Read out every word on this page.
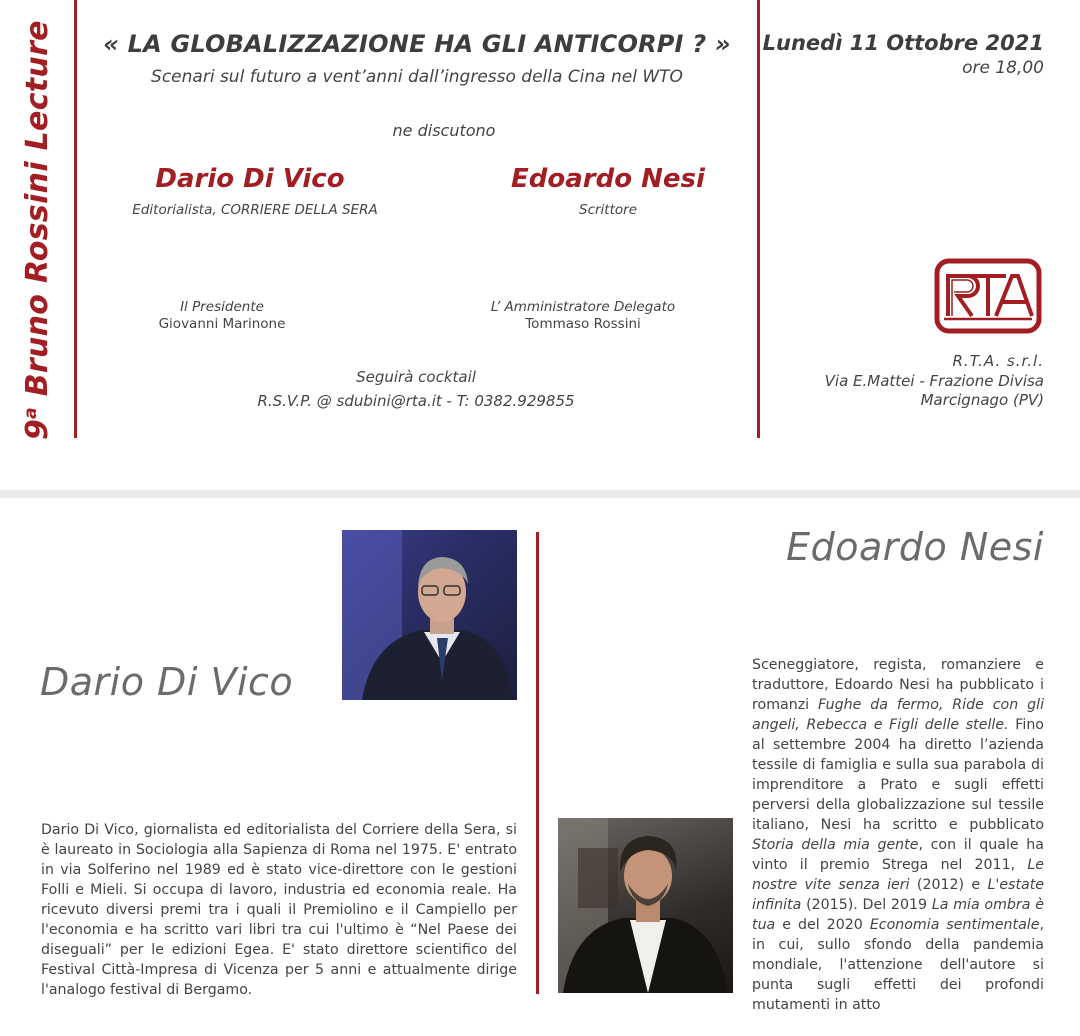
9$^a$ Bruno Rossini Lecture	« LA GLOBALIZZAZIONE HA GLI ANTICORPI ? »
Scenari sul futuro a vent’anni dall’ingresso della Cina nel WTO
ne discutono
Dario Di Vico
Editorialista, CORRIERE DELLA SERA
Edoardo Nesi
Scrittore
Il Presidente
Giovanni Marinone
L’ Amministratore Delegato
Tommaso Rossini
Seguirà cocktail
R.S.V.P. @ sdubini@rta.it - T: 0382.929855
Lunedì 11 Ottobre 2021
ore 18,00
R.T.A. s.r.l.
Via E.Mattei - Frazione Divisa
Marcignago (PV)
Dario Di Vico

Dario Di Vico, giornalista ed editorialista del Corriere della Sera, si è laureato in Sociologia alla Sapienza di Roma nel 1975. E' entrato in via Solferino nel 1989 ed è stato vice-direttore con le gestioni Folli e Mieli. Si occupa di lavoro, industria ed economia reale. Ha ricevuto diversi premi tra i quali il Premiolino e il Campiello per l'economia e ha scritto vari libri tra cui l'ultimo è “Nel Paese dei diseguali” per le edizioni Egea. E' stato direttore scientifico del Festival Città-Impresa di Vicenza per 5 anni e attualmente dirige l'analogo festival di Bergamo.

Edoardo Nesi

Sceneggiatore, regista, romanziere e traduttore, Edoardo Nesi ha pubblicato i romanzi Fughe da fermo, Ride con gli angeli, Rebecca e Figli delle stelle. Fino al settembre 2004 ha diretto l’azienda tessile di famiglia e sulla sua parabola di imprenditore a Prato e sugli effetti perversi della globalizzazione sul tessile italiano, Nesi ha scritto e pubblicato Storia della mia gente, con il quale ha vinto il premio Strega nel 2011, Le nostre vite senza ieri (2012) e L'estate infinita (2015). Del 2019 La mia ombra è tua e del 2020 Economia sentimentale, in cui, sullo sfondo della pandemia mondiale, l'attenzione dell'autore si punta sugli effetti dei profondi mutamenti in atto
